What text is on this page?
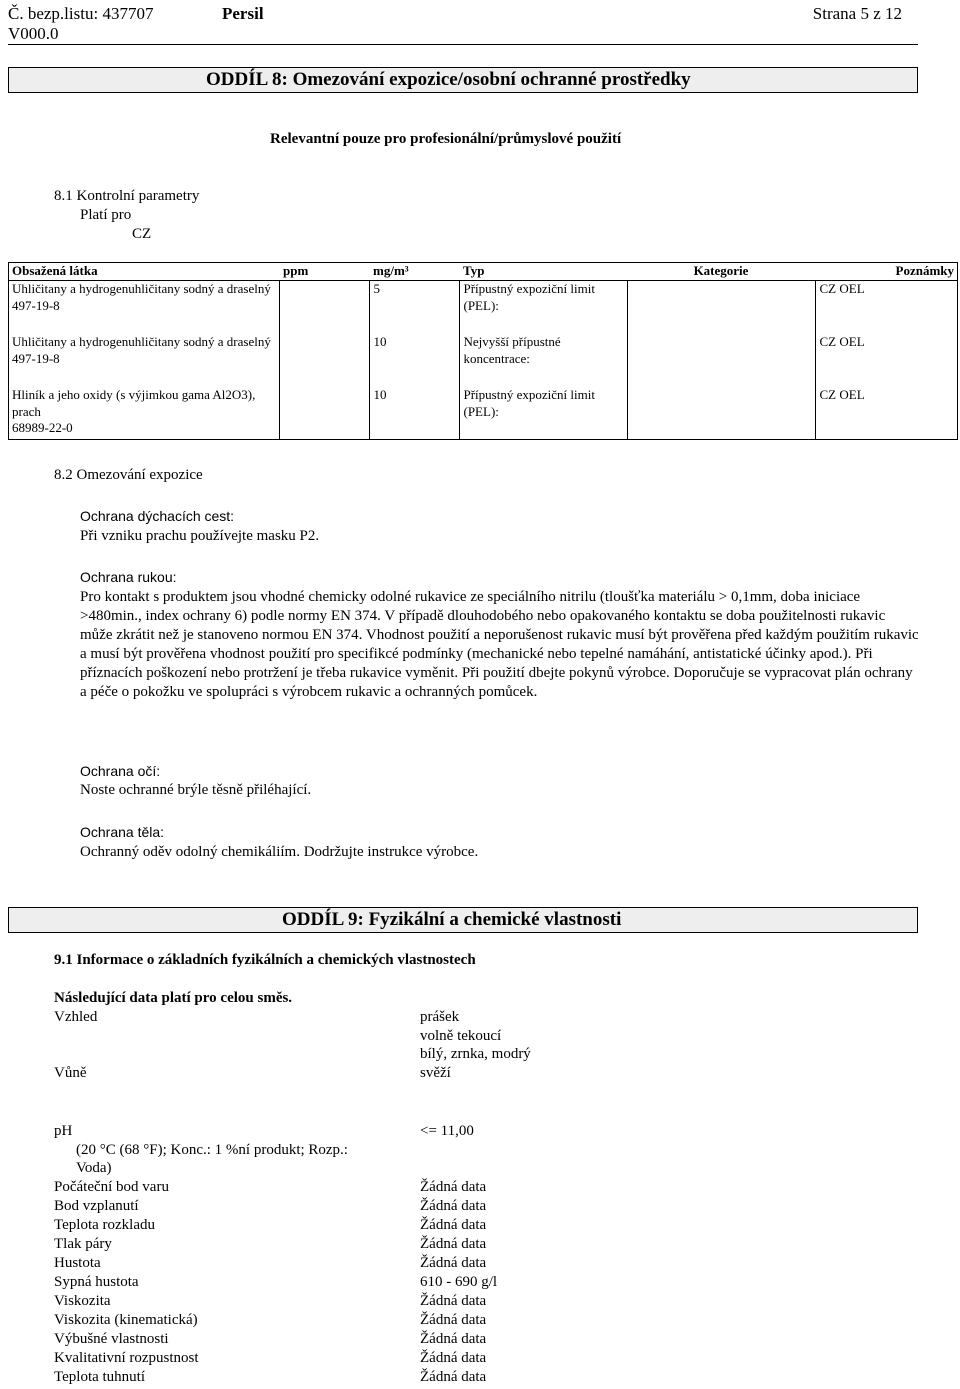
Č. bezp.listu: 437707
V000.0
Persil	Strana 5 z 12
ODDÍL 8: Omezování expozice/osobní ochranné prostředky
Relevantní pouze pro profesionální/průmyslové použití
8.1 Kontrolní parametry
Platí pro
CZ
Obsažená látka	ppm	mg/m³	Typ	Kategorie	Poznámky

Uhličitany a hydrogenuhličitany sodný a draselný
497-19-8		5	Přípustný expoziční limit (PEL):		CZ OEL

Uhličitany a hydrogenuhličitany sodný a draselný
497-19-8		10	Nejvyšší přípustné koncentrace:		CZ OEL

Hliník a jeho oxidy (s výjimkou gama Al2O3), prach
68989-22-0		10	Přípustný expoziční limit (PEL):		CZ OEL
8.2 Omezování expozice
Ochrana dýchacích cest:
Při vzniku prachu používejte masku P2.
Ochrana rukou:
Pro kontakt s produktem jsou vhodné chemicky odolné rukavice ze speciálního nitrilu (tloušťka materiálu > 0,1mm, doba iniciace >480min., index ochrany 6) podle normy EN 374. V případě dlouhodobého nebo opakovaného kontaktu se doba použitelnosti rukavic může zkrátit než je stanoveno normou EN 374. Vhodnost použití a neporušenost rukavic musí být prověřena před každým použitím rukavic a musí být prověřena vhodnost použití pro specifikcé podmínky (mechanické nebo tepelné namáhání, antistatické účinky apod.). Při příznacích poškození nebo protržení je třeba rukavice vyměnit. Při použití dbejte pokynů výrobce. Doporučuje se vypracovat plán ochrany a péče o pokožku ve spolupráci s výrobcem rukavic a ochranných pomůcek.
Ochrana očí:
Noste ochranné brýle těsně přiléhající.
Ochrana těla:
Ochranný oděv odolný chemikáliím. Dodržujte instrukce výrobce.
ODDÍL 9: Fyzikální a chemické vlastnosti
9.1 Informace o základních fyzikálních a chemických vlastnostech
Následující data platí pro celou směs.
Vzhled	prášek
volně tekoucí
bílý, zrnka, modrý
Vůně	svěží
pH	<= 11,00
(20 °C (68 °F); Konc.: 1 %ní produkt; Rozp.:
Voda)
Počáteční bod varu	Žádná data
Bod vzplanutí	Žádná data
Teplota rozkladu	Žádná data
Tlak páry	Žádná data
Hustota	Žádná data
Sypná hustota	610 - 690 g/l
Viskozita	Žádná data
Viskozita (kinematická)	Žádná data
Výbušné vlastnosti	Žádná data
Kvalitativní rozpustnost	Žádná data
Teplota tuhnutí	Žádná data
